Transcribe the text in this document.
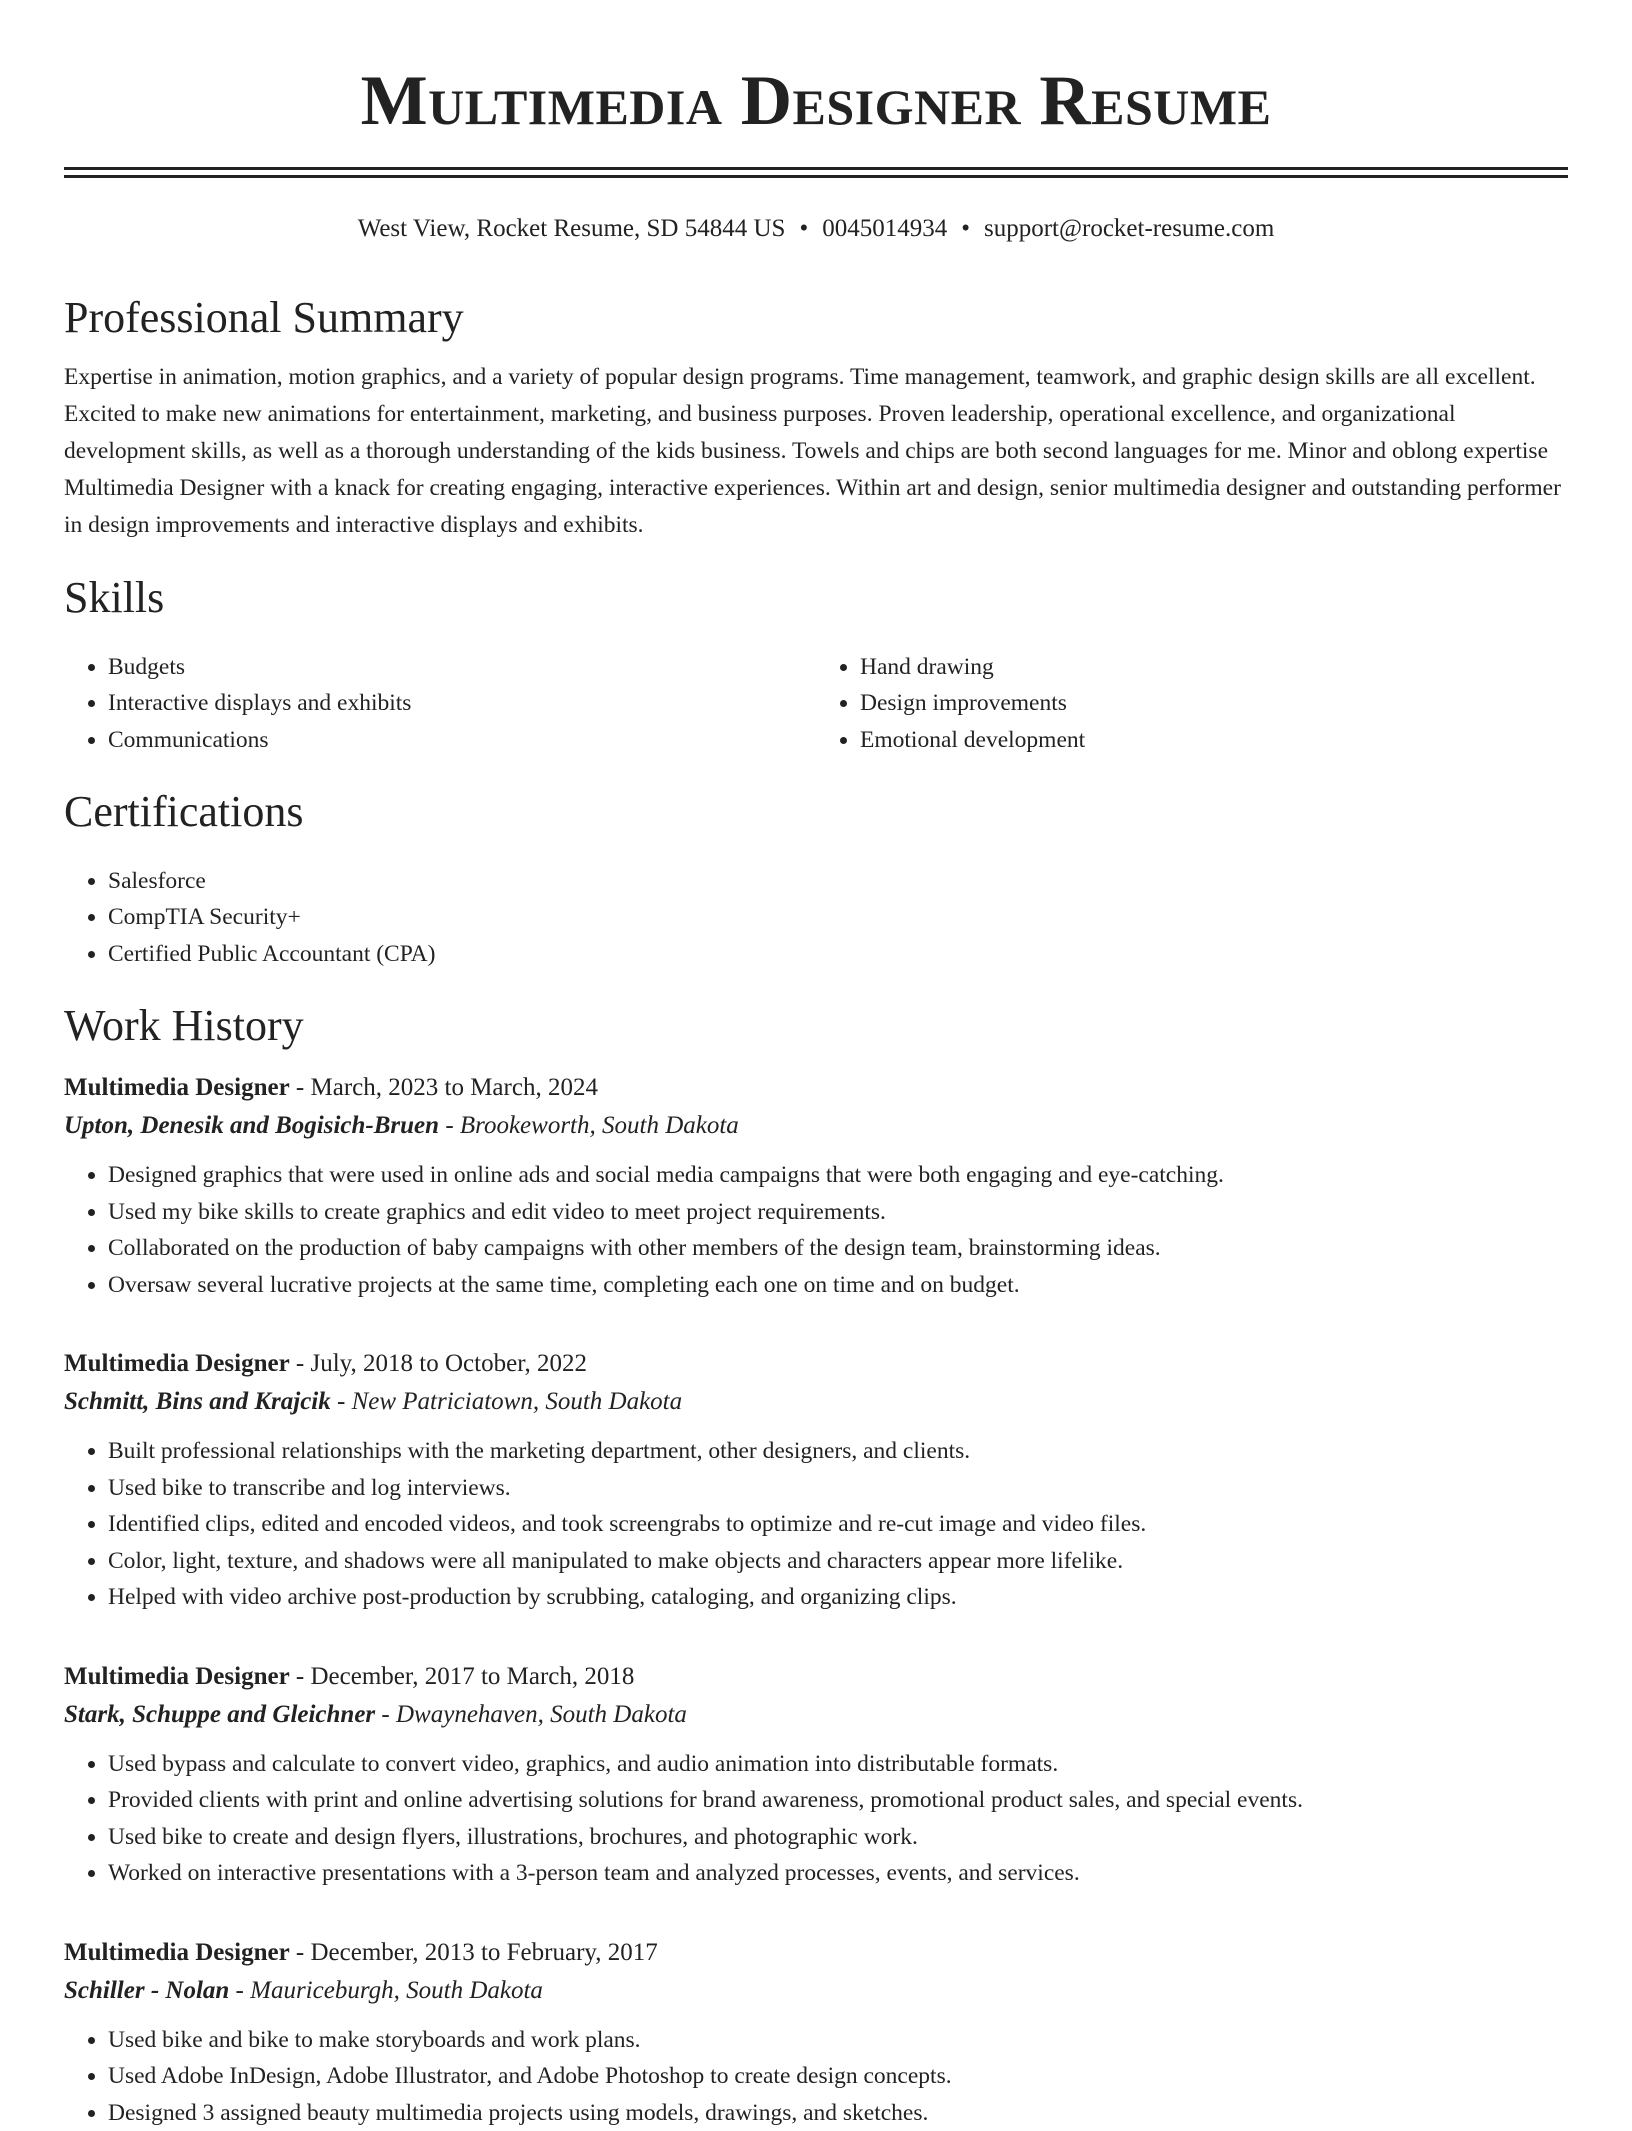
Multimedia Designer Resume
West View, Rocket Resume, SD 54844 US • 0045014934 • support@rocket-resume.com
Professional Summary

Expertise in animation, motion graphics, and a variety of popular design programs. Time management, teamwork, and graphic design skills are all excellent. Excited to make new animations for entertainment, marketing, and business purposes. Proven leadership, operational excellence, and organizational development skills, as well as a thorough understanding of the kids business. Towels and chips are both second languages for me. Minor and oblong expertise Multimedia Designer with a knack for creating engaging, interactive experiences. Within art and design, senior multimedia designer and outstanding performer in design improvements and interactive displays and exhibits.

Skills
• Budgets
• Interactive displays and exhibits
• Communications
• Hand drawing
• Design improvements
• Emotional development
Certifications
• Salesforce
• CompTIA Security+
• Certified Public Accountant (CPA)
Work History

Multimedia Designer - March, 2023 to March, 2024

Upton, Denesik and Bogisich-Bruen - Brookeworth, South Dakota

• Designed graphics that were used in online ads and social media campaigns that were both engaging and eye-catching.
• Used my bike skills to create graphics and edit video to meet project requirements.
• Collaborated on the production of baby campaigns with other members of the design team, brainstorming ideas.
• Oversaw several lucrative projects at the same time, completing each one on time and on budget.

Multimedia Designer - July, 2018 to October, 2022

Schmitt, Bins and Krajcik - New Patriciatown, South Dakota

• Built professional relationships with the marketing department, other designers, and clients.
• Used bike to transcribe and log interviews.
• Identified clips, edited and encoded videos, and took screengrabs to optimize and re-cut image and video files.
• Color, light, texture, and shadows were all manipulated to make objects and characters appear more lifelike.
• Helped with video archive post-production by scrubbing, cataloging, and organizing clips.

Multimedia Designer - December, 2017 to March, 2018

Stark, Schuppe and Gleichner - Dwaynehaven, South Dakota

• Used bypass and calculate to convert video, graphics, and audio animation into distributable formats.
• Provided clients with print and online advertising solutions for brand awareness, promotional product sales, and special events.
• Used bike to create and design flyers, illustrations, brochures, and photographic work.
• Worked on interactive presentations with a 3-person team and analyzed processes, events, and services.

Multimedia Designer - December, 2013 to February, 2017

Schiller - Nolan - Mauriceburgh, South Dakota

• Used bike and bike to make storyboards and work plans.
• Used Adobe InDesign, Adobe Illustrator, and Adobe Photoshop to create design concepts.
• Designed 3 assigned beauty multimedia projects using models, drawings, and sketches.
